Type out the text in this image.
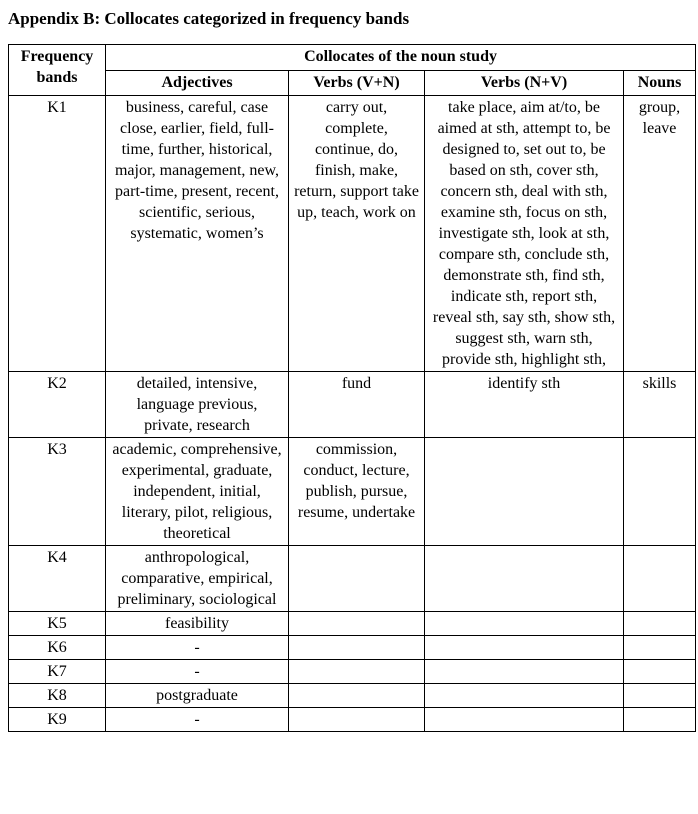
Appendix B: Collocates categorized in frequency bands
Frequency bands	Collocates of the noun study			
	Adjectives	Verbs (V+N)	Verbs (N+V)	Nouns
K1	business, careful, case close, earlier, field, full-time, further, historical, major, management, new, part-time, present, recent, scientific, serious, systematic, women’s	carry out, complete, continue, do, finish, make, return, support take up, teach, work on	take place, aim at/to, be aimed at sth, attempt to, be designed to, set out to, be based on sth, cover sth, concern sth, deal with sth, examine sth, focus on sth, investigate sth, look at sth, compare sth, conclude sth, demonstrate sth, find sth, indicate sth, report sth, reveal sth, say sth, show sth, suggest sth, warn sth, provide sth, highlight sth,	group, leave
K2	detailed, intensive, language previous, private, research	fund	identify sth	skills
K3	academic, comprehensive, experimental, graduate, independent, initial, literary, pilot, religious, theoretical	commission, conduct, lecture, publish, pursue, resume, undertake		
K4	anthropological, comparative, empirical, preliminary, sociological			
K5	feasibility			
K6	-			
K7	-			
K8	postgraduate			
K9	-			
